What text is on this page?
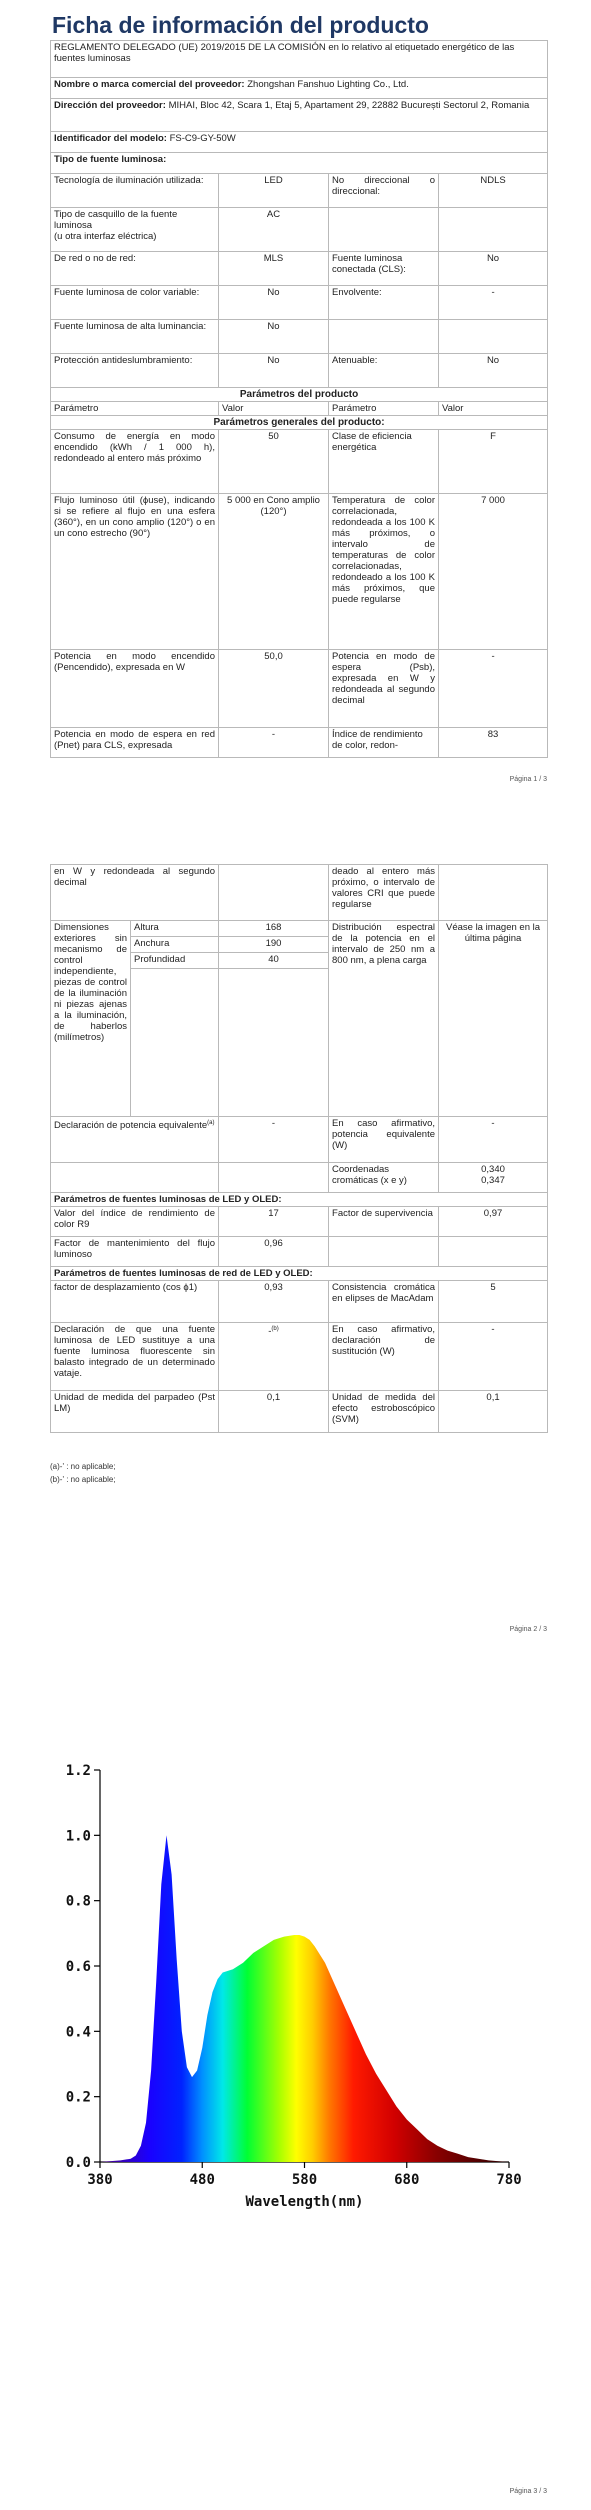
Ficha de información del producto
REGLAMENTO DELEGADO (UE) 2019/2015 DE LA COMISIÓN en lo relativo al etiquetado energético de las fuentes luminosas			
Nombre o marca comercial del proveedor: Zhongshan Fanshuo Lighting Co., Ltd.			
Dirección del proveedor: MIHAI, Bloc 42, Scara 1, Etaj 5, Apartament 29, 22882 București Sectorul 2, Romania			
Identificador del modelo: FS-C9-GY-50W			
Tipo de fuente luminosa:			
Tecnología de iluminación utilizada:	LED	No direccional o direccional:	NDLS
Tipo de casquillo de la fuente luminosa
(u otra interfaz eléctrica)	AC		
De red o no de red:	MLS	Fuente luminosa conectada (CLS):	No
Fuente luminosa de color variable:	No	Envolvente:	-
Fuente luminosa de alta luminancia:	No		
Protección antideslumbramiento:	No	Atenuable:	No
Parámetros del producto			
Parámetro	Valor	Parámetro	Valor
Parámetros generales del producto:			
Consumo de energía en modo encendido (kWh / 1 000 h), redondeado al entero más próximo	50	Clase de eficiencia energética	F
Flujo luminoso útil (ϕuse), indicando si se refiere al flujo en una esfera (360°), en un cono amplio (120°) o en un cono estrecho (90°)	5 000 en Cono amplio (120°)	Temperatura de color correlacionada, redondeada a los 100 K más próximos, o intervalo de temperaturas de color correlacionadas, redondeado a los 100 K más próximos, que puede regularse	7 000
Potencia en modo encendido (Pencendido), expresada en W	50,0	Potencia en modo de espera (Psb), expresada en W y redondeada al segundo decimal	-
Potencia en modo de espera en red (Pnet) para CLS, expresada	-	Índice de rendimiento de color, redon-	83
Página 1 / 3
en W y redondeada al segundo decimal			deado al entero más próximo, o intervalo de valores CRI que puede regularse	
Dimensiones exteriores sin mecanismo de control independiente, piezas de control de la iluminación ni piezas ajenas a la iluminación, de haberlos (milímetros)	Altura	168	Distribución espectral de la potencia en el intervalo de 250 nm a 800 nm, a plena carga	Véase la imagen en la última página
	Anchura	190		
	Profundidad	40		

Declaración de potencia equivalente$^{(a)}$		-	En caso afirmativo, potencia equivalente (W)	-
			Coordenadas cromáticas (x e y)	0,340
0,347
Parámetros de fuentes luminosas de LED y OLED:				
Valor del índice de rendimiento de color R9		17	Factor de supervivencia	0,97
Factor de mantenimiento del flujo luminoso		0,96		
Parámetros de fuentes luminosas de red de LED y OLED:				
factor de desplazamiento (cos ϕ1)		0,93	Consistencia cromática en elipses de MacAdam	5
Declaración de que una fuente luminosa de LED sustituye a una fuente luminosa fluorescente sin balasto integrado de un determinado vataje.		-$^{(b)}$	En caso afirmativo, declaración de sustitución (W)	-
Unidad de medida del parpadeo (Pst LM)		0,1	Unidad de medida del efecto estroboscópico (SVM)	0,1
(a)-' : no aplicable;
(b)-' : no aplicable;
Página 2 / 3
0.0
0.2
0.4
0.6
0.8
1.0
1.2
380	480	580	680	780
Wavelength(nm)
Página 3 / 3
